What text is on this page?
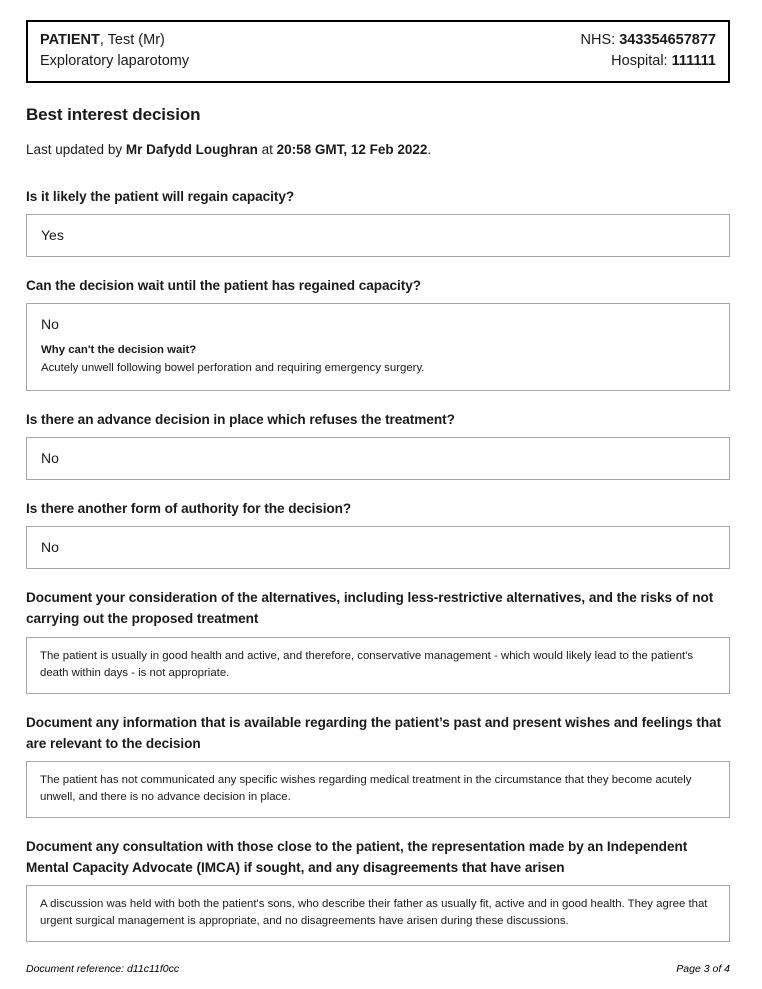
PATIENT, Test (Mr)	NHS: 343354657877
Exploratory laparotomy	Hospital: 111111
Best interest decision

Last updated by Mr Dafydd Loughran at 20:58 GMT, 12 Feb 2022.

Is it likely the patient will regain capacity?
Yes
Can the decision wait until the patient has regained capacity?
No
Why can't the decision wait?
Acutely unwell following bowel perforation and requiring emergency surgery.
Is there an advance decision in place which refuses the treatment?
No
Is there another form of authority for the decision?
No
Document your consideration of the alternatives, including less-restrictive alternatives, and the risks of not carrying out the proposed treatment
The patient is usually in good health and active, and therefore, conservative management - which would likely lead to the patient's death within days - is not appropriate.
Document any information that is available regarding the patient’s past and present wishes and feelings that are relevant to the decision
The patient has not communicated any specific wishes regarding medical treatment in the circumstance that they become acutely unwell, and there is no advance decision in place.
Document any consultation with those close to the patient, the representation made by an Independent Mental Capacity Advocate (IMCA) if sought, and any disagreements that have arisen
A discussion was held with both the patient's sons, who describe their father as usually fit, active and in good health. They agree that urgent surgical management is appropriate, and no disagreements have arisen during these discussions.
Document reference: d11c11f0cc	Page 3 of 4
